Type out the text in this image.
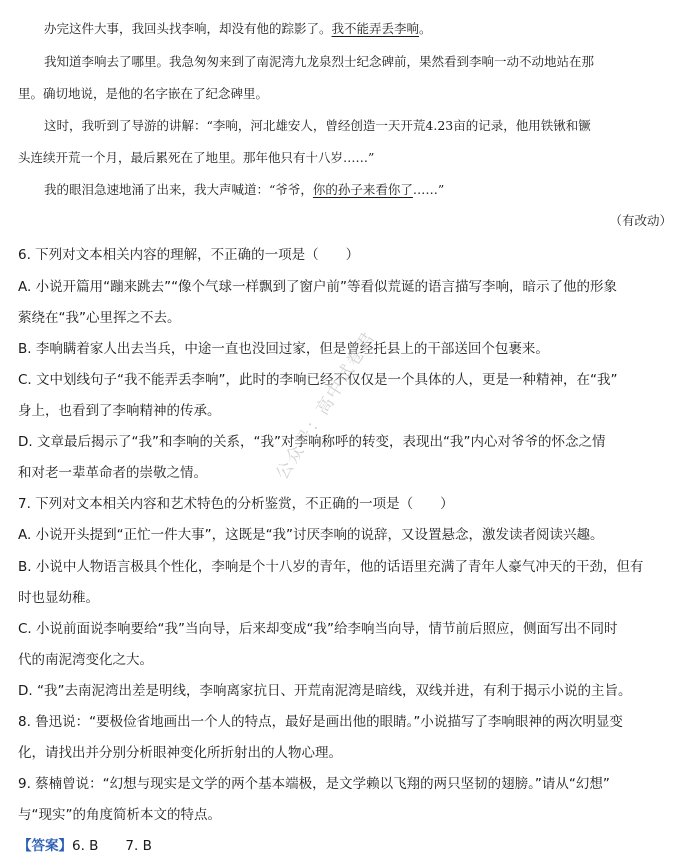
办完这件大事，我回头找李响，却没有他的踪影了。我不能弄丢李响。
我知道李响去了哪里。我急匆匆来到了南泥湾九龙泉烈士纪念碑前，果然看到李响一动不动地站在那
里。确切地说，是他的名字嵌在了纪念碑里。
这时，我听到了导游的讲解：“李响，河北雄安人，曾经创造一天开荒4.23亩的记录，他用铁锹和镢
头连续开荒一个月，最后累死在了地里。那年他只有十八岁……”
我的眼泪急速地涌了出来，我大声喊道：“爷爷，你的孙子来看你了……”
（有改动）
6. 下列对文本相关内容的理解，不正确的一项是（　　）
A. 小说开篇用“蹦来跳去”“像个气球一样飘到了窗户前”等看似荒诞的语言描写李响，暗示了他的形象
萦绕在“我”心里挥之不去。
B. 李响瞒着家人出去当兵，中途一直也没回过家，但是曾经托县上的干部送回个包裹来。
C. 文中划线句子“我不能弄丢李响”，此时的李响已经不仅仅是一个具体的人，更是一种精神，在“我”
身上，也看到了李响精神的传承。
D. 文章最后揭示了“我”和李响的关系，“我”对李响称呼的转变，表现出“我”内心对爷爷的怀念之情
和对老一辈革命者的崇敬之情。
7. 下列对文本相关内容和艺术特色的分析鉴赏，不正确的一项是（　　）
A. 小说开头提到“正忙一件大事”，这既是“我”讨厌李响的说辞，又设置悬念，激发读者阅读兴趣。
B. 小说中人物语言极具个性化，李响是个十八岁的青年，他的话语里充满了青年人豪气冲天的干劲，但有
时也显幼稚。
C. 小说前面说李响要给“我”当向导，后来却变成“我”给李响当向导，情节前后照应，侧面写出不同时
代的南泥湾变化之大。
D. “我”去南泥湾出差是明线，李响离家抗日、开荒南泥湾是暗线，双线并进，有利于揭示小说的主旨。
8. 鲁迅说：“要极俭省地画出一个人的特点，最好是画出他的眼睛。”小说描写了李响眼神的两次明显变
化，请找出并分别分析眼神变化所折射出的人物心理。
9. 蔡楠曾说：“幻想与现实是文学的两个基本端极，是文学赖以飞翔的两只坚韧的翅膀。”请从“幻想”
与“现实”的角度简析本文的特点。
【答案】6. B　　7. B
公众号：高中试卷君
